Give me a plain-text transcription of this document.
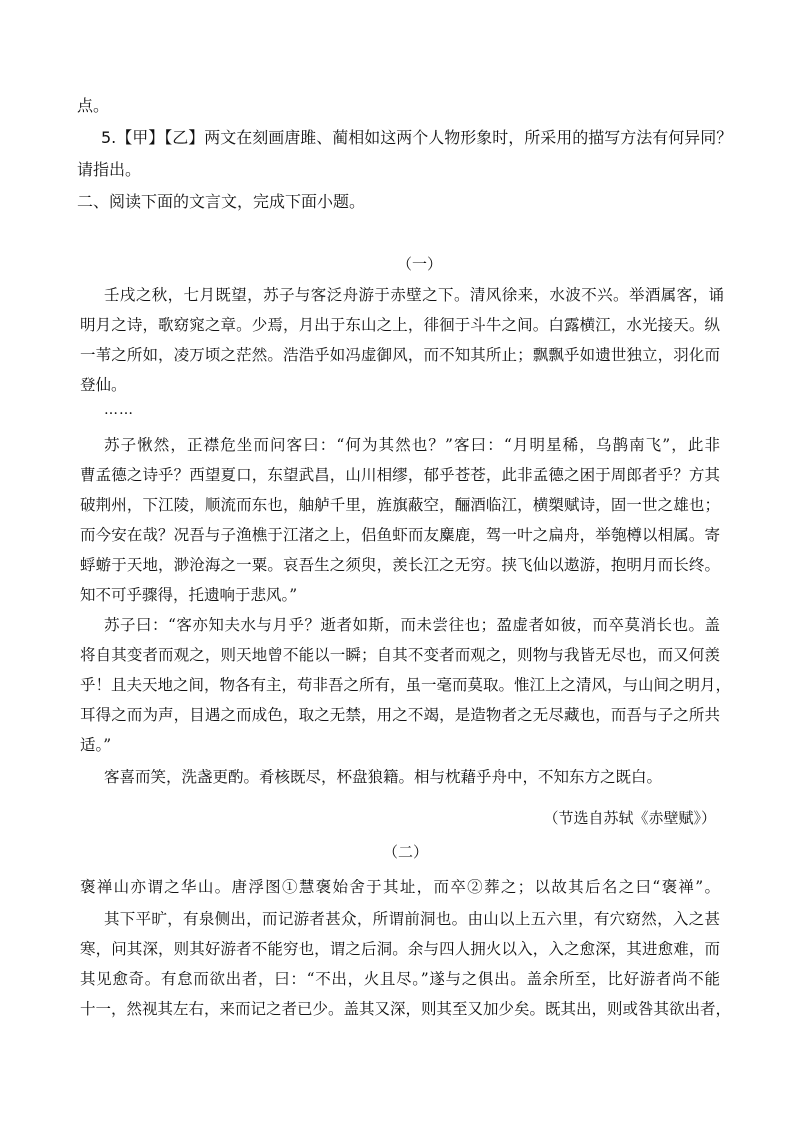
点。
5.【甲】【乙】两文在刻画唐雎、蔺相如这两个人物形象时，所采用的描写方法有何异同？
请指出。
二、阅读下面的文言文，完成下面小题。
（一）
壬戌之秋，七月既望，苏子与客泛舟游于赤壁之下。清风徐来，水波不兴。举酒属客，诵
明月之诗，歌窈窕之章。少焉，月出于东山之上，徘徊于斗牛之间。白露横江，水光接天。纵
一苇之所如，凌万顷之茫然。浩浩乎如冯虚御风，而不知其所止；飘飘乎如遗世独立，羽化而
登仙。
……
苏子愀然，正襟危坐而问客曰：“何为其然也？”客曰：“月明星稀，乌鹊南飞”，此非
曹孟德之诗乎？西望夏口，东望武昌，山川相缪，郁乎苍苍，此非孟德之困于周郎者乎？方其
破荆州，下江陵，顺流而东也，舳舻千里，旌旗蔽空，酾酒临江，横槊赋诗，固一世之雄也；
而今安在哉？况吾与子渔樵于江渚之上，侣鱼虾而友麋鹿，驾一叶之扁舟，举匏樽以相属。寄
蜉蝣于天地，渺沧海之一粟。哀吾生之须臾，羡长江之无穷。挟飞仙以遨游，抱明月而长终。
知不可乎骤得，托遗响于悲风。”
苏子曰：“客亦知夫水与月乎？逝者如斯，而未尝往也；盈虚者如彼，而卒莫消长也。盖
将自其变者而观之，则天地曾不能以一瞬；自其不变者而观之，则物与我皆无尽也，而又何羡
乎！且夫天地之间，物各有主，苟非吾之所有，虽一毫而莫取。惟江上之清风，与山间之明月，
耳得之而为声，目遇之而成色，取之无禁，用之不竭，是造物者之无尽藏也，而吾与子之所共
适。”
客喜而笑，洗盏更酌。肴核既尽，杯盘狼籍。相与枕藉乎舟中，不知东方之既白。
（节选自苏轼《赤壁赋》）
（二）
褒禅山亦谓之华山。唐浮图①慧褒始舍于其址，而卒②葬之；以故其后名之曰“褒禅”。
其下平旷，有泉侧出，而记游者甚众，所谓前洞也。由山以上五六里，有穴窈然，入之甚
寒，问其深，则其好游者不能穷也，谓之后洞。余与四人拥火以入，入之愈深，其进愈难，而
其见愈奇。有怠而欲出者，曰：“不出，火且尽。”遂与之俱出。盖余所至，比好游者尚不能
十一，然视其左右，来而记之者已少。盖其又深，则其至又加少矣。既其出，则或咎其欲出者，
